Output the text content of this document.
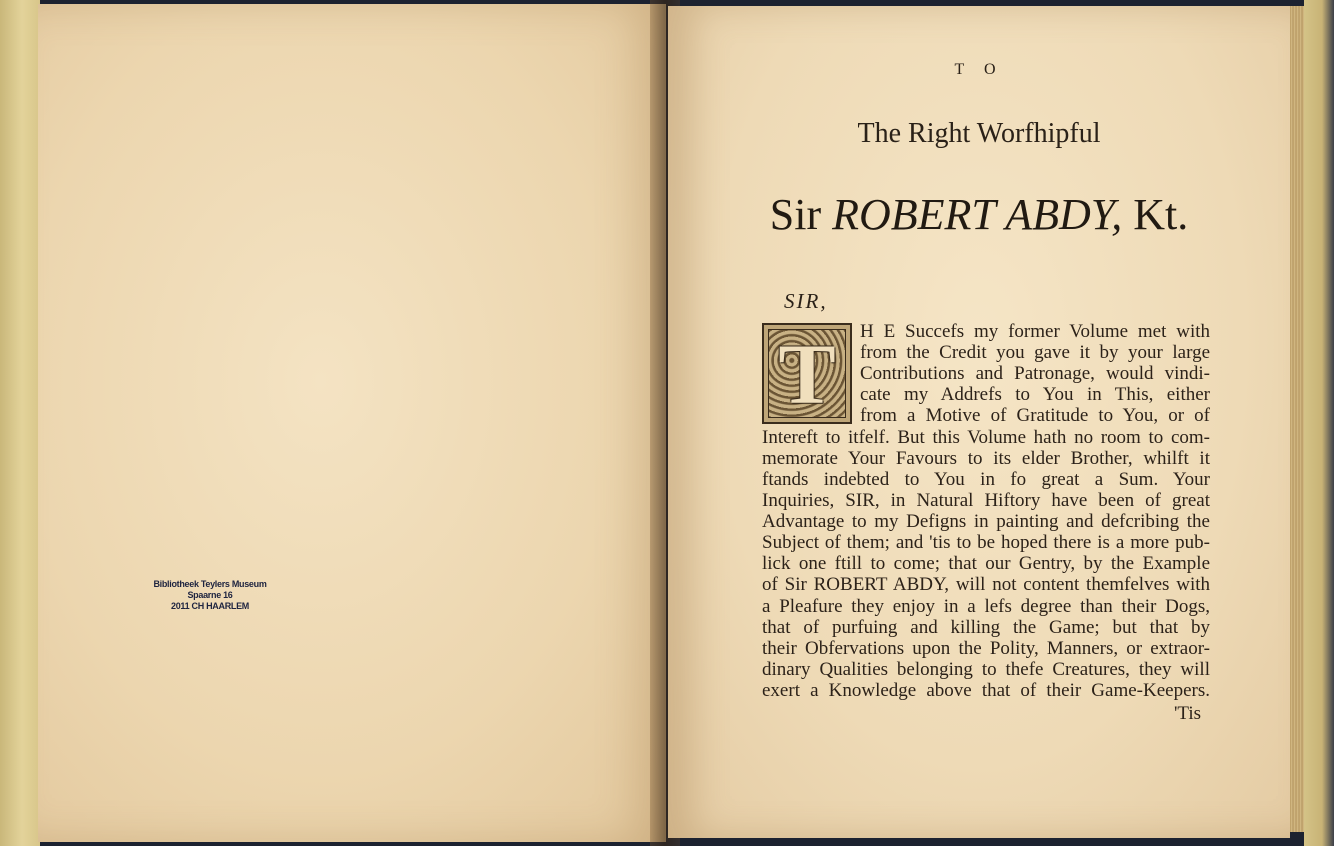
Bibliotheek Teylers Museum
Spaarne 16
2011 CH HAARLEM
T O
The Right Worfhipful
Sir ROBERT ABDY, Kt.
SIR,
T	H E Succefs my former Volume met with
from the Credit you gave it by your large
Contributions and Patronage, would vindi-
cate my Addrefs to You in This, either
from a Motive of Gratitude to You, or of
Intereft to itfelf. But this Volume hath no room to com-
memorate Your Favours to its elder Brother, whilft it
ftands indebted to You in fo great a Sum. Your
Inquiries, SIR, in Natural Hiftory have been of great
Advantage to my Defigns in painting and defcribing the
Subject of them; and 'tis to be hoped there is a more pub-
lick one ftill to come; that our Gentry, by the Example
of Sir ROBERT ABDY, will not content themfelves with
a Pleafure they enjoy in a lefs degree than their Dogs,
that of purfuing and killing the Game; but that by
their Obfervations upon the Polity, Manners, or extraor-
dinary Qualities belonging to thefe Creatures, they will
exert a Knowledge above that of their Game-Keepers.
'Tis
